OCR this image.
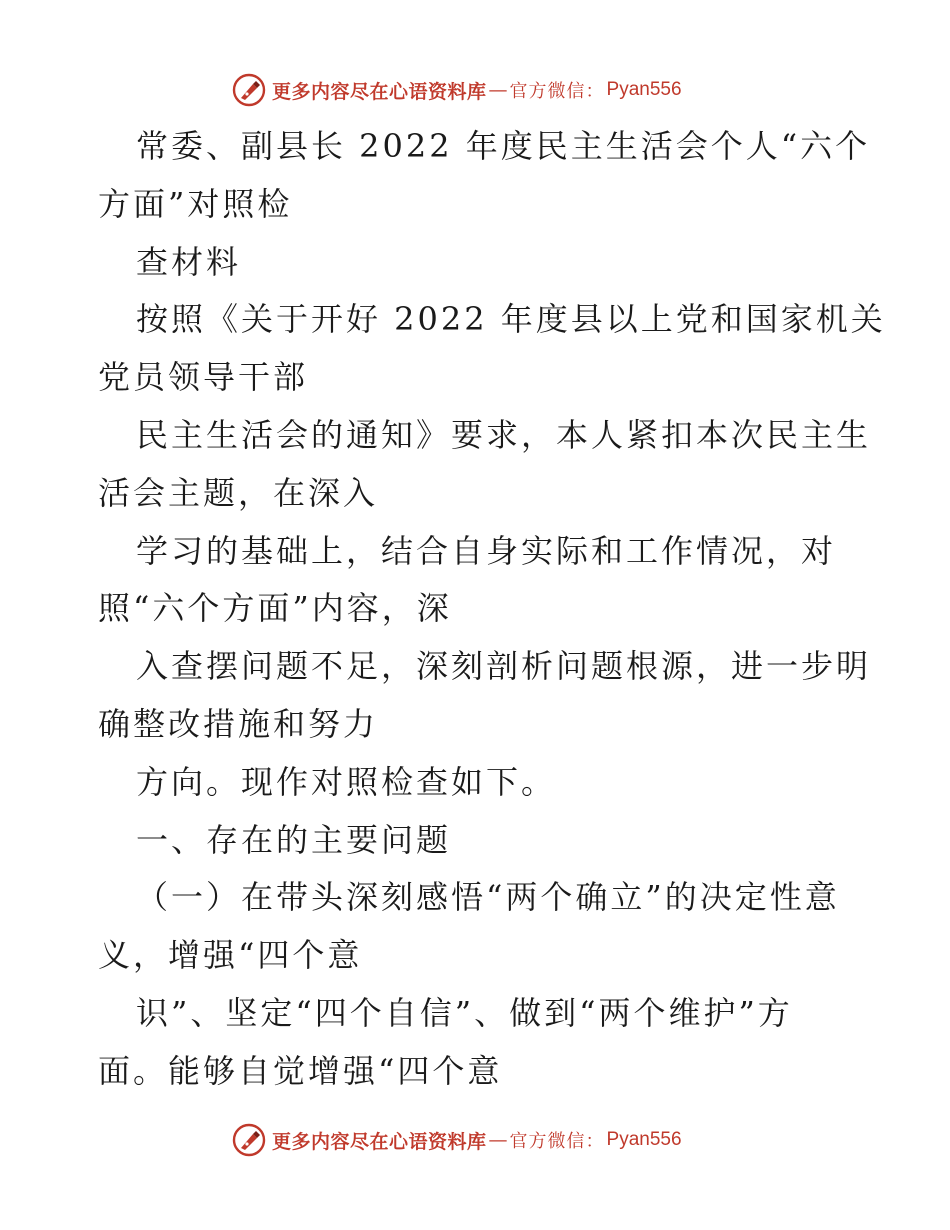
更多内容尽在心语资料库 — 官方微信： Pyan556
常委、副县长 2022 年度民主生活会个人“六个
方面”对照检
查材料
按照《关于开好 2022 年度县以上党和国家机关
党员领导干部
民主生活会的通知》要求，本人紧扣本次民主生
活会主题，在深入
学习的基础上，结合自身实际和工作情况，对
照“六个方面”内容，深
入查摆问题不足，深刻剖析问题根源，进一步明
确整改措施和努力
方向。现作对照检查如下。
一、存在的主要问题
（一）在带头深刻感悟“两个确立”的决定性意
义，增强“四个意
识”、坚定“四个自信”、做到“两个维护”方
面。能够自觉增强“四个意
更多内容尽在心语资料库 — 官方微信： Pyan556
